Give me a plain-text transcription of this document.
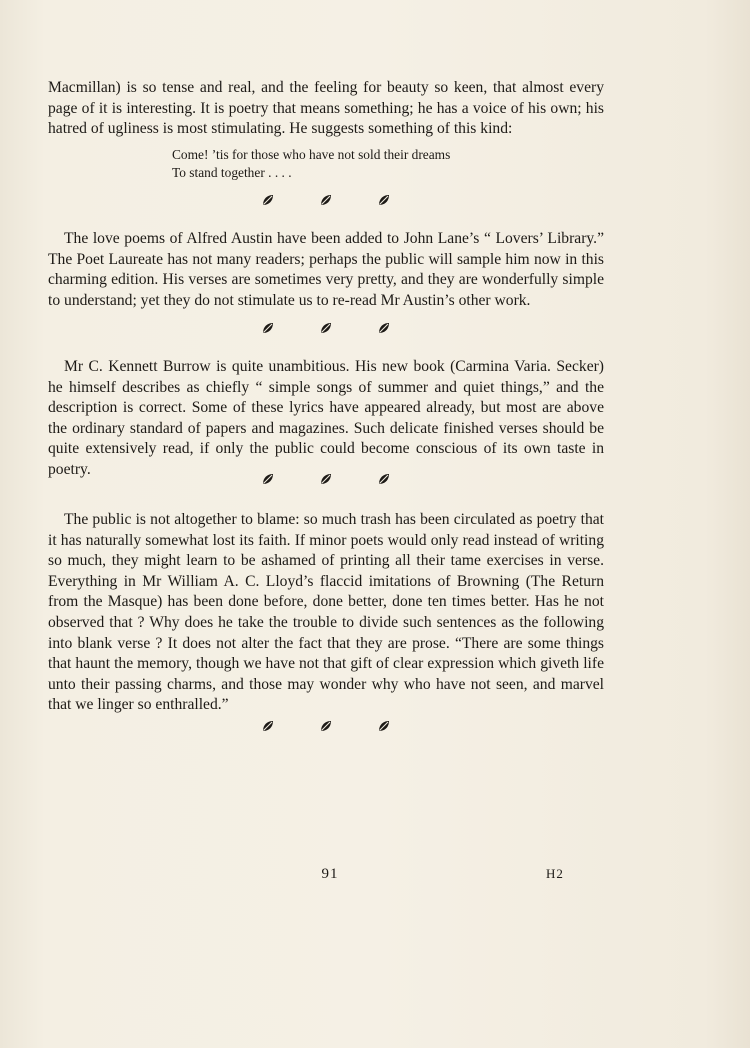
Macmillan) is so tense and real, and the feeling for beauty so keen, that almost every page of it is interesting. It is poetry that means something; he has a voice of his own; his hatred of ugliness is most stimulating. He suggests something of this kind:

Come! ’tis for those who have not sold their dreams
To stand together . . . .

The love poems of Alfred Austin have been added to John Lane’s “ Lovers’ Library.” The Poet Laureate has not many readers; perhaps the public will sample him now in this charming edition. His verses are sometimes very pretty, and they are wonderfully simple to understand; yet they do not stimulate us to re-read Mr Austin’s other work.

Mr C. Kennett Burrow is quite unambitious. His new book (Carmina Varia. Secker) he himself describes as chiefly “ simple songs of summer and quiet things,” and the description is correct. Some of these lyrics have appeared already, but most are above the ordinary standard of papers and magazines. Such delicate finished verses should be quite extensively read, if only the public could become conscious of its own taste in poetry.

The public is not altogether to blame: so much trash has been circulated as poetry that it has naturally somewhat lost its faith. If minor poets would only read instead of writing so much, they might learn to be ashamed of printing all their tame exercises in verse. Everything in Mr William A. C. Lloyd’s flaccid imitations of Browning (The Return from the Masque) has been done before, done better, done ten times better. Has he not observed that ? Why does he take the trouble to divide such sentences as the following into blank verse ? It does not alter the fact that they are prose. “There are some things that haunt the memory, though we have not that gift of clear expression which giveth life unto their passing charms, and those may wonder why who have not seen, and marvel that we linger so enthralled.”

91	H2
